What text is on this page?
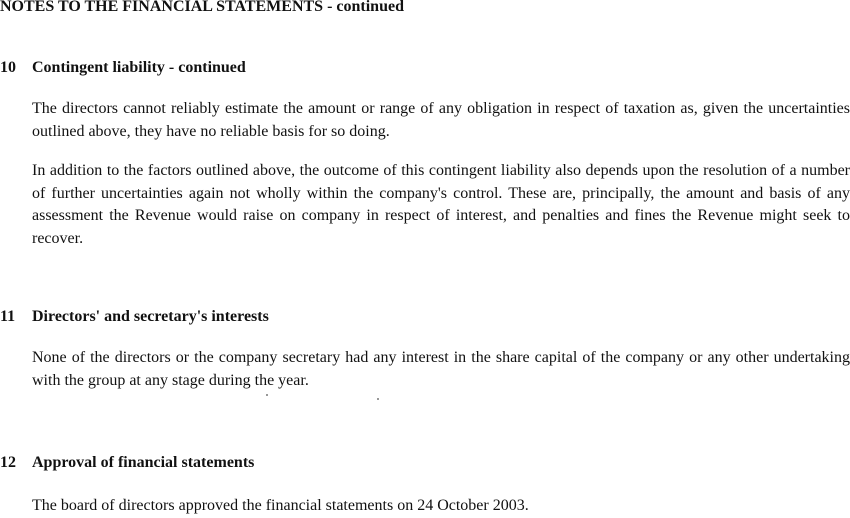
NOTES TO THE FINANCIAL STATEMENTS - continued
10 Contingent liability - continued

The directors cannot reliably estimate the amount or range of any obligation in respect of taxation as, given the uncertainties outlined above, they have no reliable basis for so doing.

In addition to the factors outlined above, the outcome of this contingent liability also depends upon the resolution of a number of further uncertainties again not wholly within the company's control. These are, principally, the amount and basis of any assessment the Revenue would raise on company in respect of interest, and penalties and fines the Revenue might seek to recover.

11 Directors' and secretary's interests

None of the directors or the company secretary had any interest in the share capital of the company or any other undertaking with the group at any stage during the year.

12 Approval of financial statements

The board of directors approved the financial statements on 24 October 2003.
